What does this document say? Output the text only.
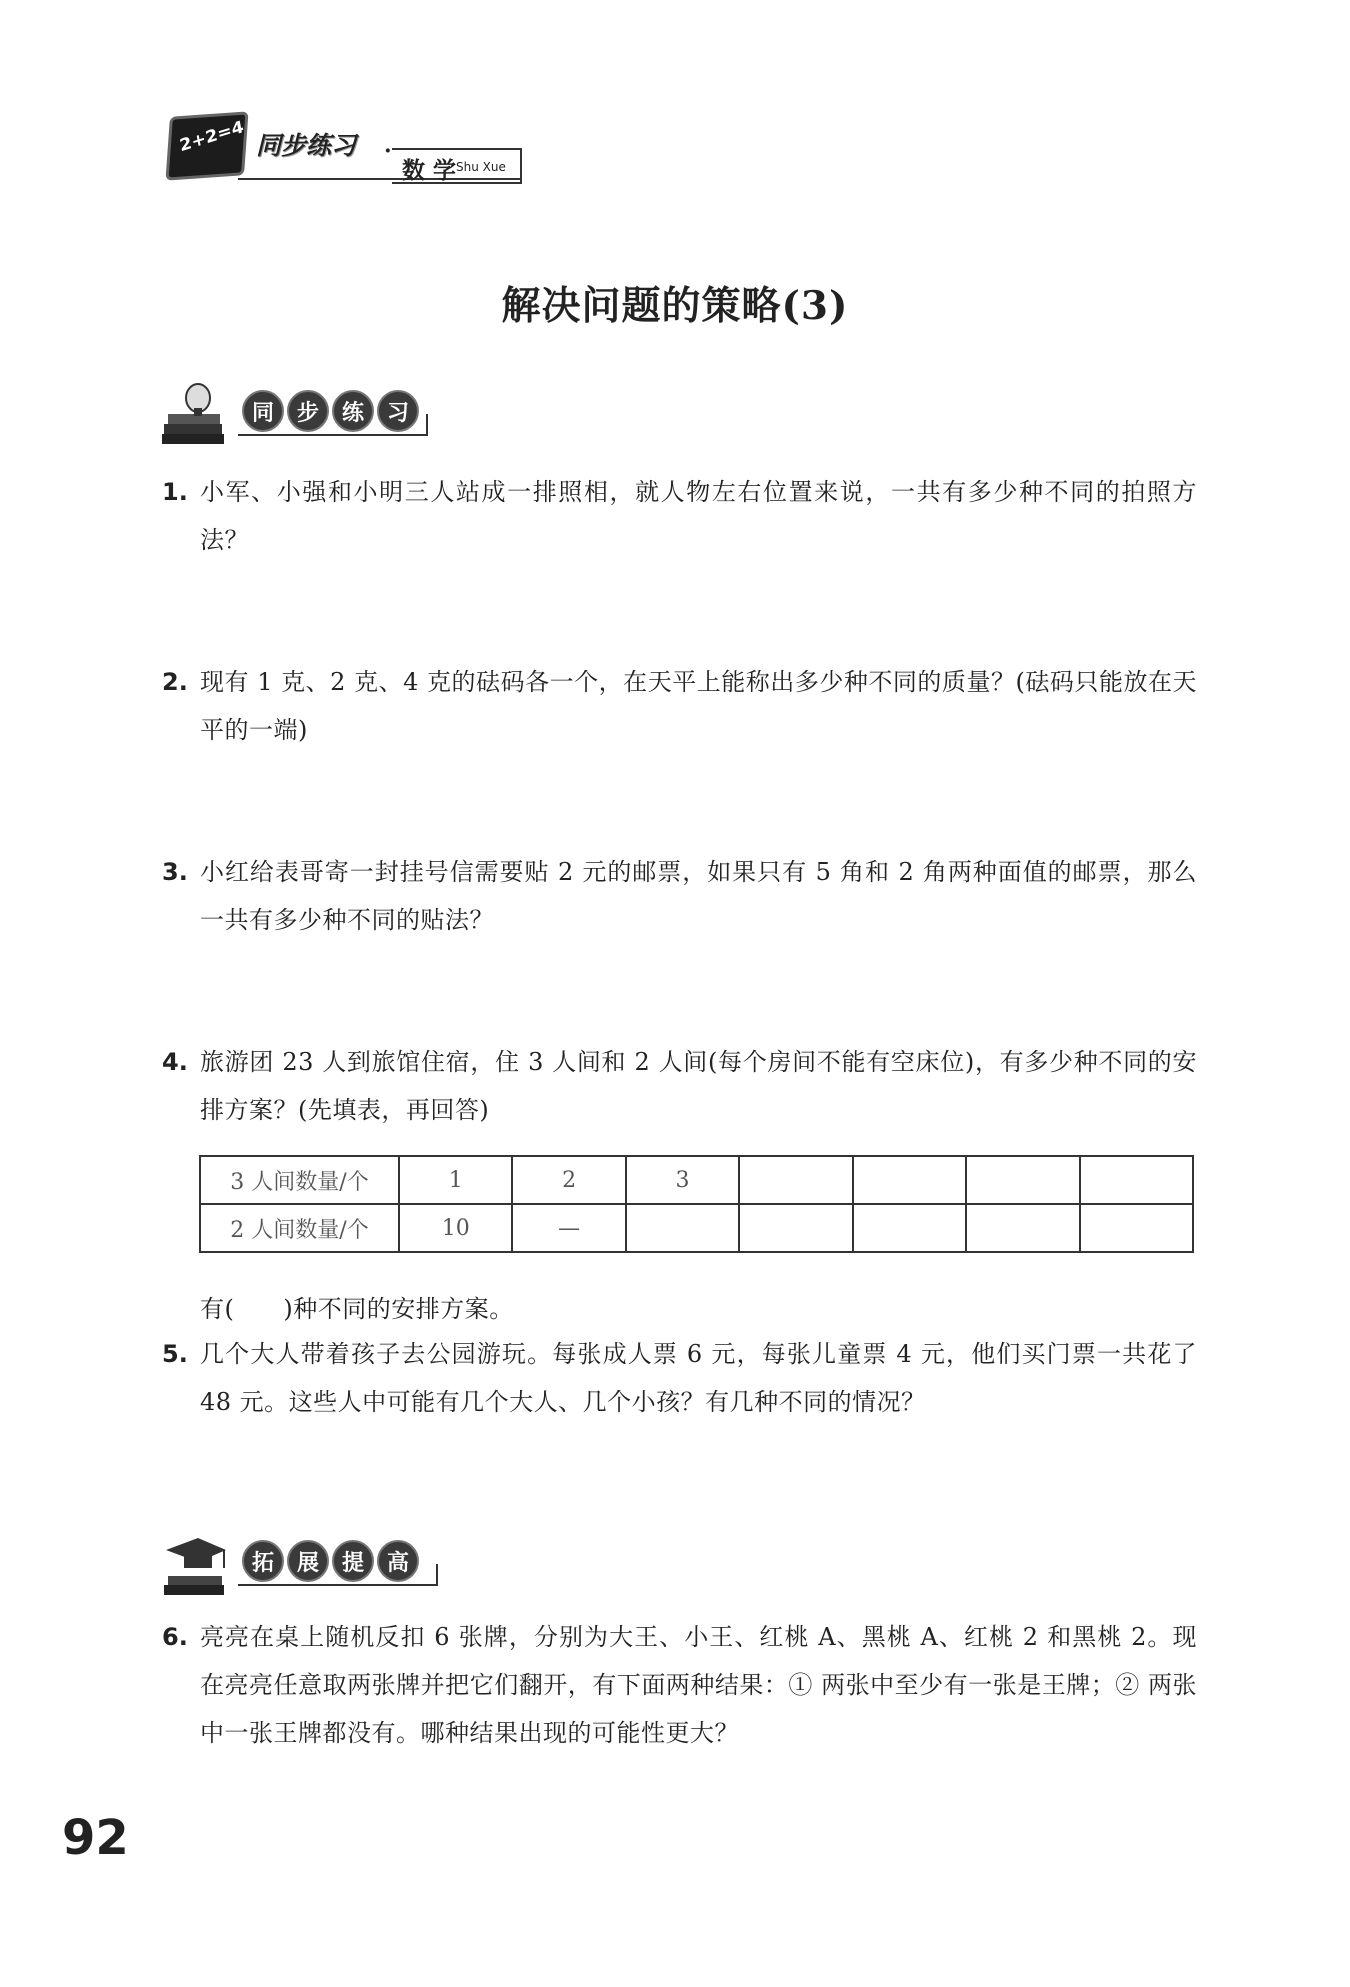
2+2=4 同步练习 ·
数 学 Shu Xue
解决问题的策略(3)
同	步	练	习
1. 小军、小强和小明三人站成一排照相，就人物左右位置来说，一共有多少种不同的拍照方法？
2. 现有 1 克、2 克、4 克的砝码各一个，在天平上能称出多少种不同的质量？(砝码只能放在天平的一端)
3. 小红给表哥寄一封挂号信需要贴 2 元的邮票，如果只有 5 角和 2 角两种面值的邮票，那么一共有多少种不同的贴法？
4. 旅游团 23 人到旅馆住宿，住 3 人间和 2 人间(每个房间不能有空床位)，有多少种不同的安排方案？(先填表，再回答)
3 人间数量/个	1	2	3				
2 人间数量/个	10	—					
有(　　)种不同的安排方案。
5. 几个大人带着孩子去公园游玩。每张成人票 6 元，每张儿童票 4 元，他们买门票一共花了 48 元。这些人中可能有几个大人、几个小孩？有几种不同的情况？
拓	展	提	高
6. 亮亮在桌上随机反扣 6 张牌，分别为大王、小王、红桃 A、黑桃 A、红桃 2 和黑桃 2。现在亮亮任意取两张牌并把它们翻开，有下面两种结果：① 两张中至少有一张是王牌；② 两张中一张王牌都没有。哪种结果出现的可能性更大？
92
